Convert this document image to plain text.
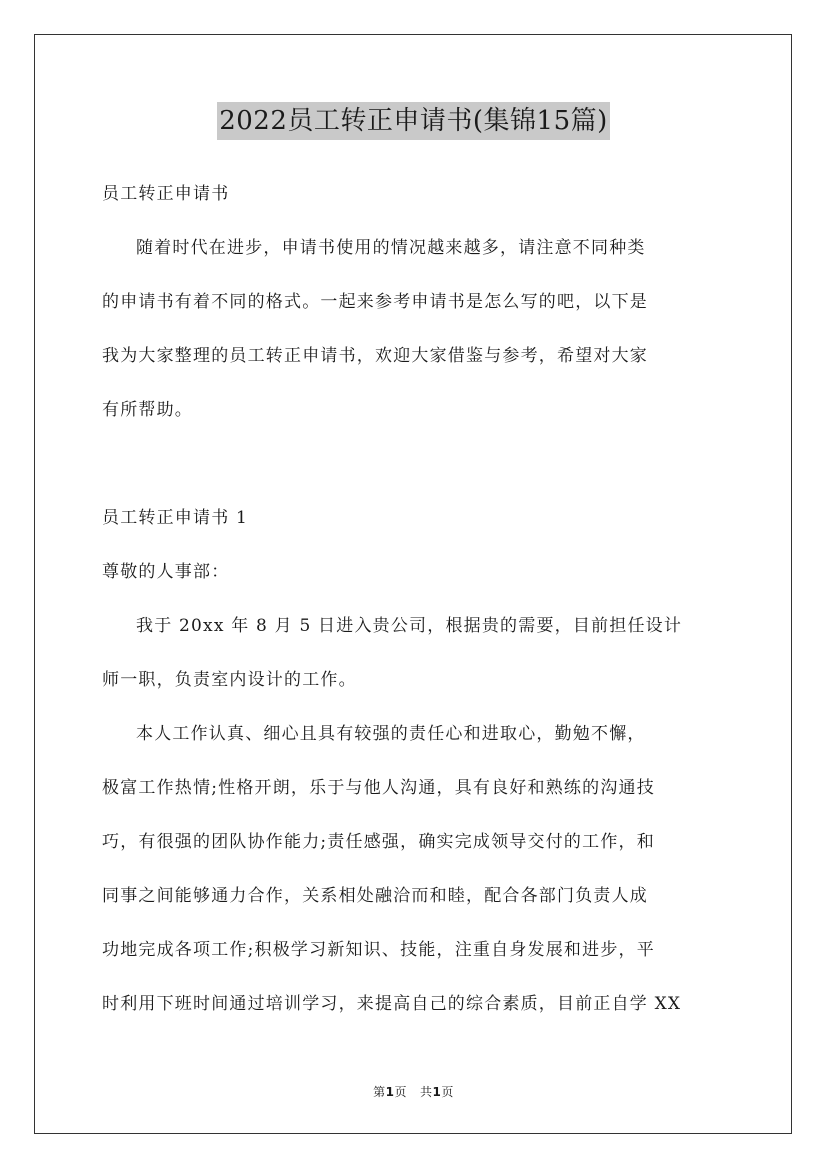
2022员工转正申请书(集锦15篇)
员工转正申请书
随着时代在进步，申请书使用的情况越来越多，请注意不同种类
的申请书有着不同的格式。一起来参考申请书是怎么写的吧，以下是
我为大家整理的员工转正申请书，欢迎大家借鉴与参考，希望对大家
有所帮助。
员工转正申请书 1
尊敬的人事部：
我于 20xx 年 8 月 5 日进入贵公司，根据贵的需要，目前担任设计
师一职，负责室内设计的工作。
本人工作认真、细心且具有较强的责任心和进取心，勤勉不懈，
极富工作热情;性格开朗，乐于与他人沟通，具有良好和熟练的沟通技
巧，有很强的团队协作能力;责任感强，确实完成领导交付的工作，和
同事之间能够通力合作，关系相处融洽而和睦，配合各部门负责人成
功地完成各项工作;积极学习新知识、技能，注重自身发展和进步，平
时利用下班时间通过培训学习，来提高自己的综合素质，目前正自学 XX
第1页 共1页
